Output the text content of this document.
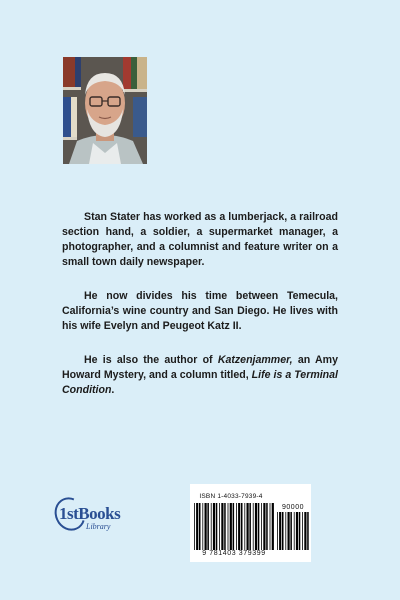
Stan Stater has worked as a lumberjack, a railroad section hand, a soldier, a supermarket manager, a photographer, and a columnist and feature writer on a small town daily newspaper.

He now divides his time between Temecula, California’s wine country and San Diego. He lives with his wife Evelyn and Peugeot Katz II.

He is also the author of Katzenjammer, an Amy Howard Mystery, and a column titled, Life is a Terminal Condition.

1stBooks
Library
ISBN 1-4033-7939-4
90000
9 781403 379399
